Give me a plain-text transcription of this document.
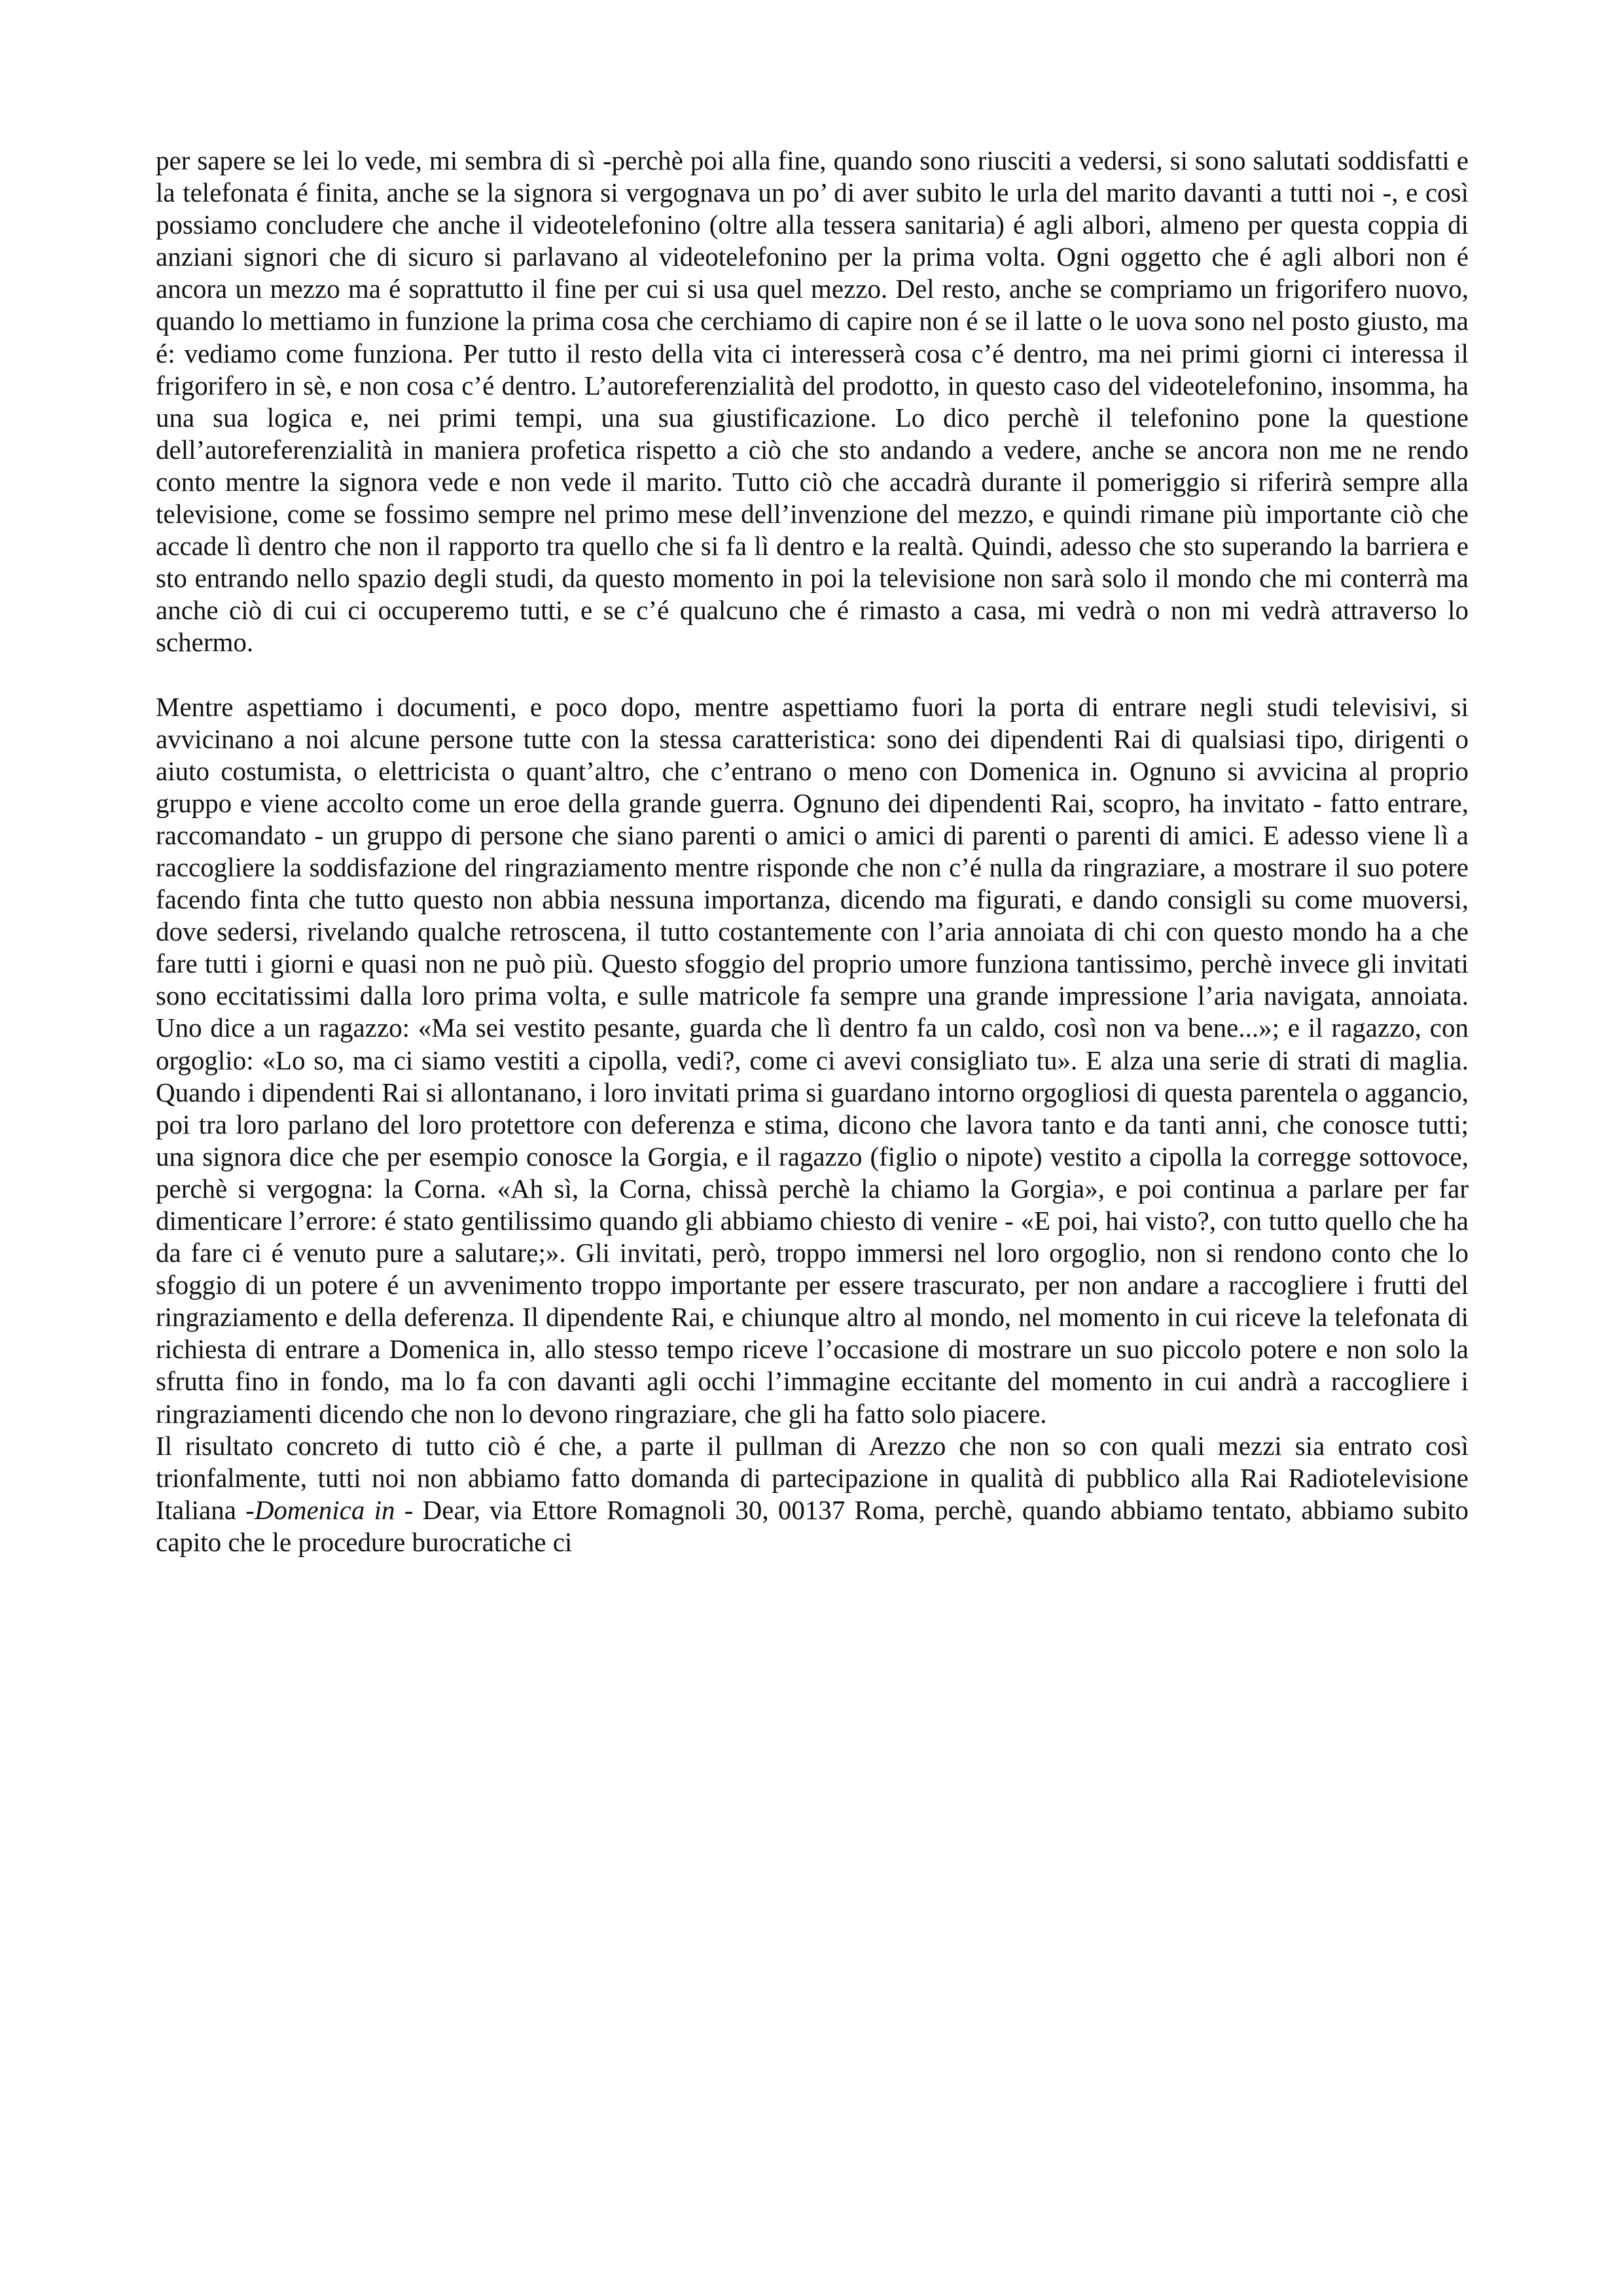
per sapere se lei lo vede, mi sembra di sì -perchè poi alla fine, quando sono riusciti a vedersi, si sono salutati soddisfatti e la telefonata é finita, anche se la signora si vergognava un po’ di aver subito le urla del marito davanti a tutti noi -, e così possiamo concludere che anche il videotelefonino (oltre alla tessera sanitaria) é agli albori, almeno per questa coppia di anziani signori che di sicuro si parlavano al videotelefonino per la prima volta. Ogni oggetto che é agli albori non é ancora un mezzo ma é soprattutto il fine per cui si usa quel mezzo. Del resto, anche se compriamo un frigorifero nuovo, quando lo mettiamo in funzione la prima cosa che cerchiamo di capire non é se il latte o le uova sono nel posto giusto, ma é: vediamo come funziona. Per tutto il resto della vita ci interesserà cosa c’é dentro, ma nei primi giorni ci interessa il frigorifero in sè, e non cosa c’é dentro. L’autoreferenzialità del prodotto, in questo caso del videotelefonino, insomma, ha una sua logica e, nei primi tempi, una sua giustificazione. Lo dico perchè il telefonino pone la questione dell’autoreferenzialità in maniera profetica rispetto a ciò che sto andando a vedere, anche se ancora non me ne rendo conto mentre la signora vede e non vede il marito. Tutto ciò che accadrà durante il pomeriggio si riferirà sempre alla televisione, come se fossimo sempre nel primo mese dell’invenzione del mezzo, e quindi rimane più importante ciò che accade lì dentro che non il rapporto tra quello che si fa lì dentro e la realtà. Quindi, adesso che sto superando la barriera e sto entrando nello spazio degli studi, da questo momento in poi la televisione non sarà solo il mondo che mi conterrà ma anche ciò di cui ci occuperemo tutti, e se c’é qualcuno che é rimasto a casa, mi vedrà o non mi vedrà attraverso lo schermo.

Mentre aspettiamo i documenti, e poco dopo, mentre aspettiamo fuori la porta di entrare negli studi televisivi, si avvicinano a noi alcune persone tutte con la stessa caratteristica: sono dei dipendenti Rai di qualsiasi tipo, dirigenti o aiuto costumista, o elettricista o quant’altro, che c’entrano o meno con Domenica in. Ognuno si avvicina al proprio gruppo e viene accolto come un eroe della grande guerra. Ognuno dei dipendenti Rai, scopro, ha invitato - fatto entrare, raccomandato - un gruppo di persone che siano parenti o amici o amici di parenti o parenti di amici. E adesso viene lì a raccogliere la soddisfazione del ringraziamento mentre risponde che non c’é nulla da ringraziare, a mostrare il suo potere facendo finta che tutto questo non abbia nessuna importanza, dicendo ma figurati, e dando consigli su come muoversi, dove sedersi, rivelando qualche retroscena, il tutto costantemente con l’aria annoiata di chi con questo mondo ha a che fare tutti i giorni e quasi non ne può più. Questo sfoggio del proprio umore funziona tantissimo, perchè invece gli invitati sono eccitatissimi dalla loro prima volta, e sulle matricole fa sempre una grande impressione l’aria navigata, annoiata. Uno dice a un ragazzo: «Ma sei vestito pesante, guarda che lì dentro fa un caldo, così non va bene...»; e il ragazzo, con orgoglio: «Lo so, ma ci siamo vestiti a cipolla, vedi?, come ci avevi consigliato tu». E alza una serie di strati di maglia. Quando i dipendenti Rai si allontanano, i loro invitati prima si guardano intorno orgogliosi di questa parentela o aggancio, poi tra loro parlano del loro protettore con deferenza e stima, dicono che lavora tanto e da tanti anni, che conosce tutti; una signora dice che per esempio conosce la Gorgia, e il ragazzo (figlio o nipote) vestito a cipolla la corregge sottovoce, perchè si vergogna: la Corna. «Ah sì, la Corna, chissà perchè la chiamo la Gorgia», e poi continua a parlare per far dimenticare l’errore: é stato gentilissimo quando gli abbiamo chiesto di venire - «E poi, hai visto?, con tutto quello che ha da fare ci é venuto pure a salutare;». Gli invitati, però, troppo immersi nel loro orgoglio, non si rendono conto che lo sfoggio di un potere é un avvenimento troppo importante per essere trascurato, per non andare a raccogliere i frutti del ringraziamento e della deferenza. Il dipendente Rai, e chiunque altro al mondo, nel momento in cui riceve la telefonata di richiesta di entrare a Domenica in, allo stesso tempo riceve l’occasione di mostrare un suo piccolo potere e non solo la sfrutta fino in fondo, ma lo fa con davanti agli occhi l’immagine eccitante del momento in cui andrà a raccogliere i ringraziamenti dicendo che non lo devono ringraziare, che gli ha fatto solo piacere.

Il risultato concreto di tutto ciò é che, a parte il pullman di Arezzo che non so con quali mezzi sia entrato così trionfalmente, tutti noi non abbiamo fatto domanda di partecipazione in qualità di pubblico alla Rai Radiotelevisione Italiana -Domenica in - Dear, via Ettore Romagnoli 30, 00137 Roma, perchè, quando abbiamo tentato, abbiamo subito capito che le procedure burocratiche ci
